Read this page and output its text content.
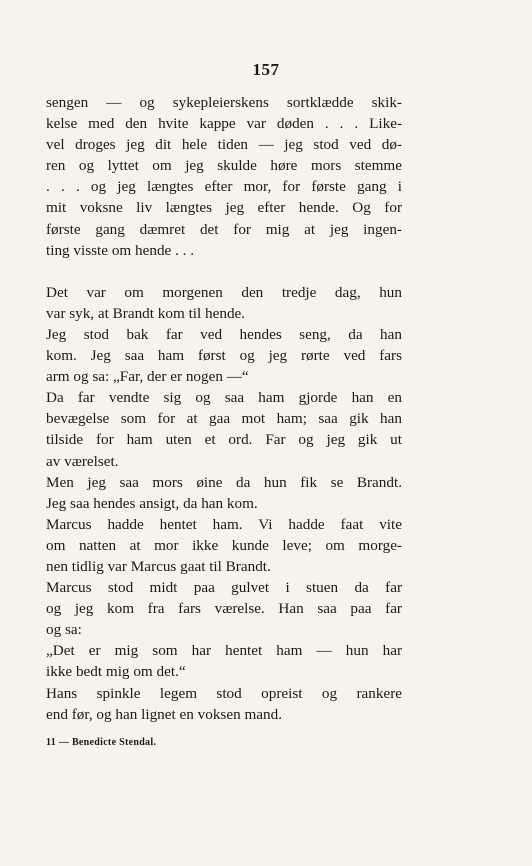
157
sengen — og sykepleierskens sortklædde skik-
kelse med den hvite kappe var døden . . . Like-
vel droges jeg dit hele tiden — jeg stod ved dø-
ren og lyttet om jeg skulde høre mors stemme
. . . og jeg længtes efter mor, for første gang i
mit voksne liv længtes jeg efter hende. Og for
første gang dæmret det for mig at jeg ingen-
ting visste om hende . . .
Det var om morgenen den tredje dag, hun
var syk, at Brandt kom til hende.
Jeg stod bak far ved hendes seng, da han
kom. Jeg saa ham først og jeg rørte ved fars
arm og sa: „Far, der er nogen —“
Da far vendte sig og saa ham gjorde han en
bevægelse som for at gaa mot ham; saa gik han
tilside for ham uten et ord. Far og jeg gik ut
av værelset.
Men jeg saa mors øine da hun fik se Brandt.
Jeg saa hendes ansigt, da han kom.
Marcus hadde hentet ham. Vi hadde faat vite
om natten at mor ikke kunde leve; om morge-
nen tidlig var Marcus gaat til Brandt.
Marcus stod midt paa gulvet i stuen da far
og jeg kom fra fars værelse. Han saa paa far
og sa:
„Det er mig som har hentet ham — hun har
ikke bedt mig om det.“
Hans spinkle legem stod opreist og rankere
end før, og han lignet en voksen mand.
11 — Benedicte Stendal.
